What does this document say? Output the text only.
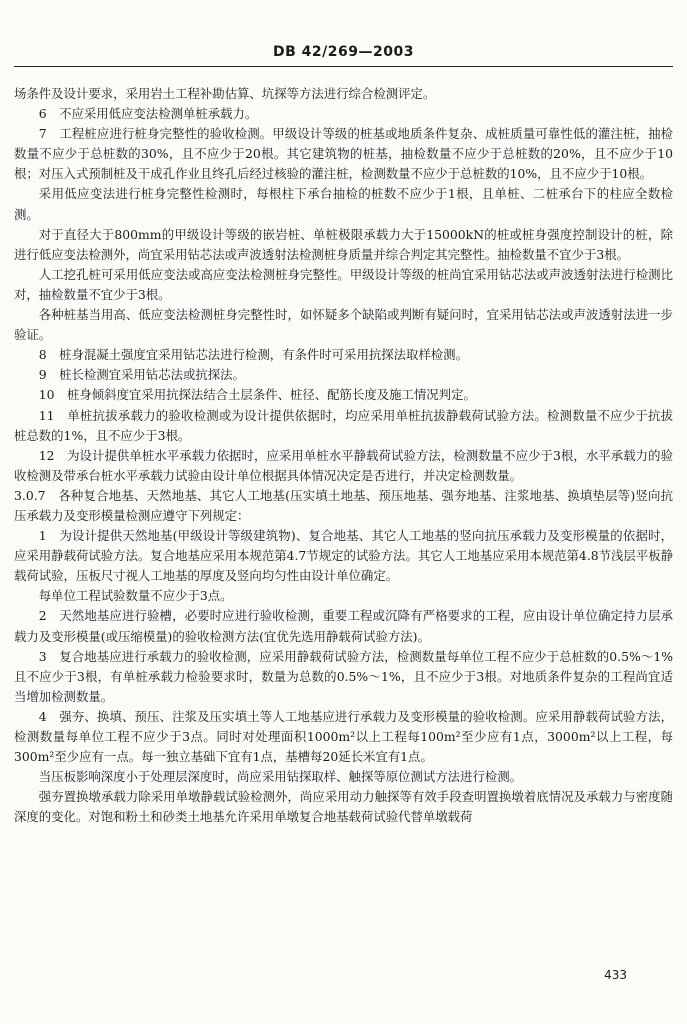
DB 42/269—2003

场条件及设计要求，采用岩土工程补勘估算、坑探等方法进行综合检测评定。

6　不应采用低应变法检测单桩承载力。

7　工程桩应进行桩身完整性的验收检测。甲级设计等级的桩基或地质条件复杂、成桩质量可靠性低的灌注桩，抽检数量不应少于总桩数的30%，且不应少于20根。其它建筑物的桩基，抽检数量不应少于总桩数的20%，且不应少于10根；对压入式预制桩及干成孔作业且终孔后经过核验的灌注桩，检测数量不应少于总桩数的10%，且不应少于10根。

采用低应变法进行桩身完整性检测时，每根柱下承台抽检的桩数不应少于1根，且单桩、二桩承台下的柱应全数检测。

对于直径大于800mm的甲级设计等级的嵌岩桩、单桩极限承载力大于15000kN的桩或桩身强度控制设计的桩，除进行低应变法检测外，尚宜采用钻芯法或声波透射法检测桩身质量并综合判定其完整性。抽检数量不宜少于3根。

人工挖孔桩可采用低应变法或高应变法检测桩身完整性。甲级设计等级的桩尚宜采用钻芯法或声波透射法进行检测比对，抽检数量不宜少于3根。

各种桩基当用高、低应变法检测桩身完整性时，如怀疑多个缺陷或判断有疑问时，宜采用钻芯法或声波透射法进一步验证。

8　桩身混凝土强度宜采用钻芯法进行检测，有条件时可采用抗探法取样检测。

9　桩长检测宜采用钻芯法或抗探法。

10　桩身倾斜度宜采用抗探法结合土层条件、桩径、配筋长度及施工情况判定。

11　单桩抗拔承载力的验收检测或为设计提供依据时，均应采用单桩抗拔静载荷试验方法。检测数量不应少于抗拔桩总数的1%，且不应少于3根。

12　为设计提供单桩水平承载力依据时，应采用单桩水平静载荷试验方法，检测数量不应少于3根，水平承载力的验收检测及带承台桩水平承载力试验由设计单位根据具体情况决定是否进行，并决定检测数量。

3.0.7　各种复合地基、天然地基、其它人工地基(压实填土地基、预压地基、强夯地基、注浆地基、换填垫层等)竖向抗压承载力及变形模量检测应遵守下列规定：

1　为设计提供天然地基(甲级设计等级建筑物)、复合地基、其它人工地基的竖向抗压承载力及变形模量的依据时，应采用静载荷试验方法。复合地基应采用本规范第4.7节规定的试验方法。其它人工地基应采用本规范第4.8节浅层平板静载荷试验，压板尺寸视人工地基的厚度及竖向均匀性由设计单位确定。

每单位工程试验数量不应少于3点。

2　天然地基应进行验槽，必要时应进行验收检测，重要工程或沉降有严格要求的工程，应由设计单位确定持力层承载力及变形模量(或压缩模量)的验收检测方法(宜优先选用静载荷试验方法)。

3　复合地基应进行承载力的验收检测，应采用静载荷试验方法，检测数量每单位工程不应少于总桩数的0.5%～1%且不应少于3根，有单桩承载力检验要求时，数量为总数的0.5%～1%，且不应少于3根。对地质条件复杂的工程尚宜适当增加检测数量。

4　强夯、换填、预压、注浆及压实填土等人工地基应进行承载力及变形模量的验收检测。应采用静载荷试验方法，检测数量每单位工程不应少于3点。同时对处理面积1000m²以上工程每100m²至少应有1点，3000m²以上工程，每300m²至少应有一点。每一独立基础下宜有1点，基槽每20延长米宜有1点。

当压板影响深度小于处理层深度时，尚应采用钻探取样、触探等原位测试方法进行检测。

强夯置换墩承载力除采用单墩静载试验检测外，尚应采用动力触探等有效手段查明置换墩着底情况及承载力与密度随深度的变化。对饱和粉土和砂类土地基允许采用单墩复合地基载荷试验代替单墩载荷

433
